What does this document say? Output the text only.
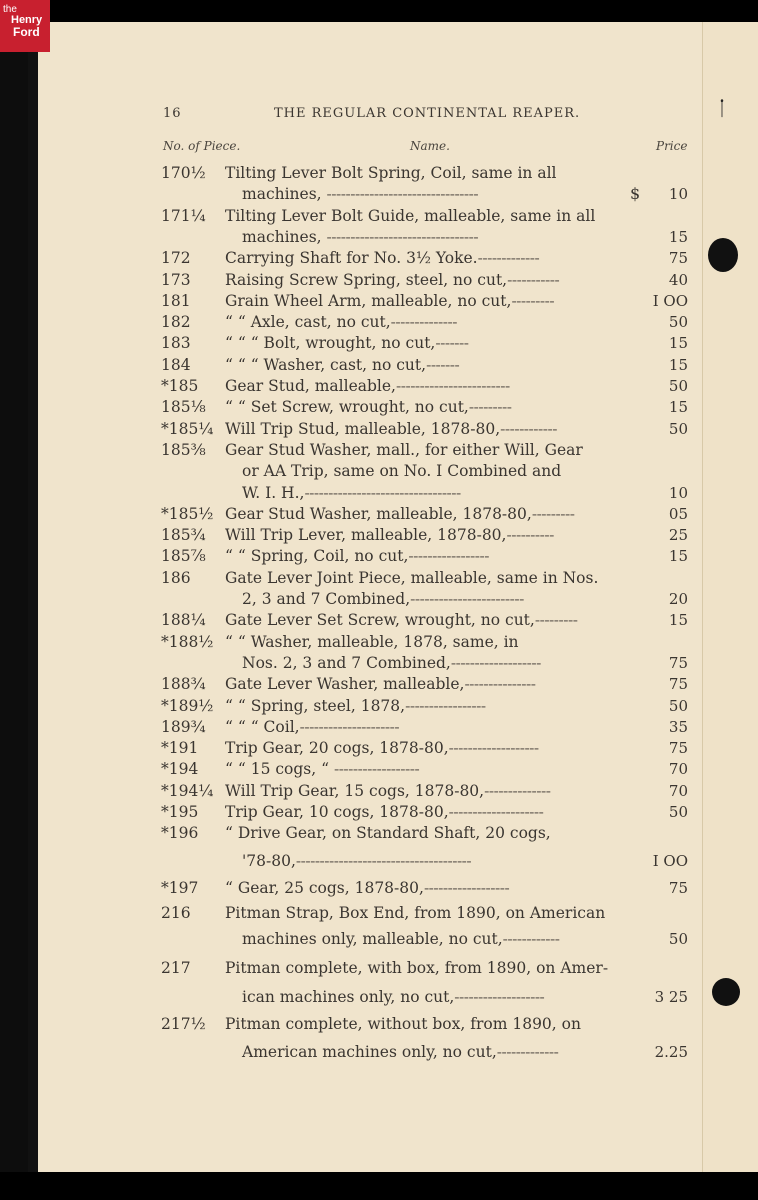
16	THE REGULAR CONTINENTAL REAPER.
No. of Piece.	Name.	Price
$
170½	Tilting Lever Bolt Spring, Coil, same in all
machines, --------------------------------	10
171¼	Tilting Lever Bolt Guide, malleable, same in all
machines, --------------------------------	15
172	Carrying Shaft for No. 3½ Yoke.-------------	75
173	Raising Screw Spring, steel, no cut,-----------	40
181	Grain Wheel Arm, malleable, no cut,---------	I OO
182	“ “ Axle, cast, no cut,--------------	50
183	“ “ “ Bolt, wrought, no cut,-------	15
184	“ “ “ Washer, cast, no cut,-------	15
*185	Gear Stud, malleable,------------------------	50
185⅛	“ “ Set Screw, wrought, no cut,---------	15
*185¼ Will Trip Stud, malleable, 1878-80,------------	50
185⅜	Gear Stud Washer, mall., for either Will, Gear
or AA Trip, same on No. I Combined and
W. I. H.,---------------------------------	10
*185½ Gear Stud Washer, malleable, 1878-80,---------	05
185¾	Will Trip Lever, malleable, 1878-80,----------	25
185⅞	“ “ Spring, Coil, no cut,-----------------	15
186	Gate Lever Joint Piece, malleable, same in Nos.
2, 3 and 7 Combined,------------------------	20
188¼	Gate Lever Set Screw, wrought, no cut,---------	15
*188½ “ “ Washer, malleable, 1878, same, in
Nos. 2, 3 and 7 Combined,-------------------	75
188¾	Gate Lever Washer, malleable,---------------	75
*189½ “ “ Spring, steel, 1878,-----------------	50
189¾	“ “ “ Coil,---------------------	35
*191	Trip Gear, 20 cogs, 1878-80,-------------------	75
*194	“ “ 15 cogs, “ ------------------	70
*194¼ Will Trip Gear, 15 cogs, 1878-80,--------------	70
*195	Trip Gear, 10 cogs, 1878-80,--------------------	50
*196	“ Drive Gear, on Standard Shaft, 20 cogs,
'78-80,-------------------------------------	I OO
*197	“ Gear, 25 cogs, 1878-80,------------------	75
216	Pitman Strap, Box End, from 1890, on American
machines only, malleable, no cut,------------	50
217	Pitman complete, with box, from 1890, on Amer-
ican machines only, no cut,-------------------	3 25
217½	Pitman complete, without box, from 1890, on
American machines only, no cut,-------------	2.25
ᛙ
the
Henry
Ford
